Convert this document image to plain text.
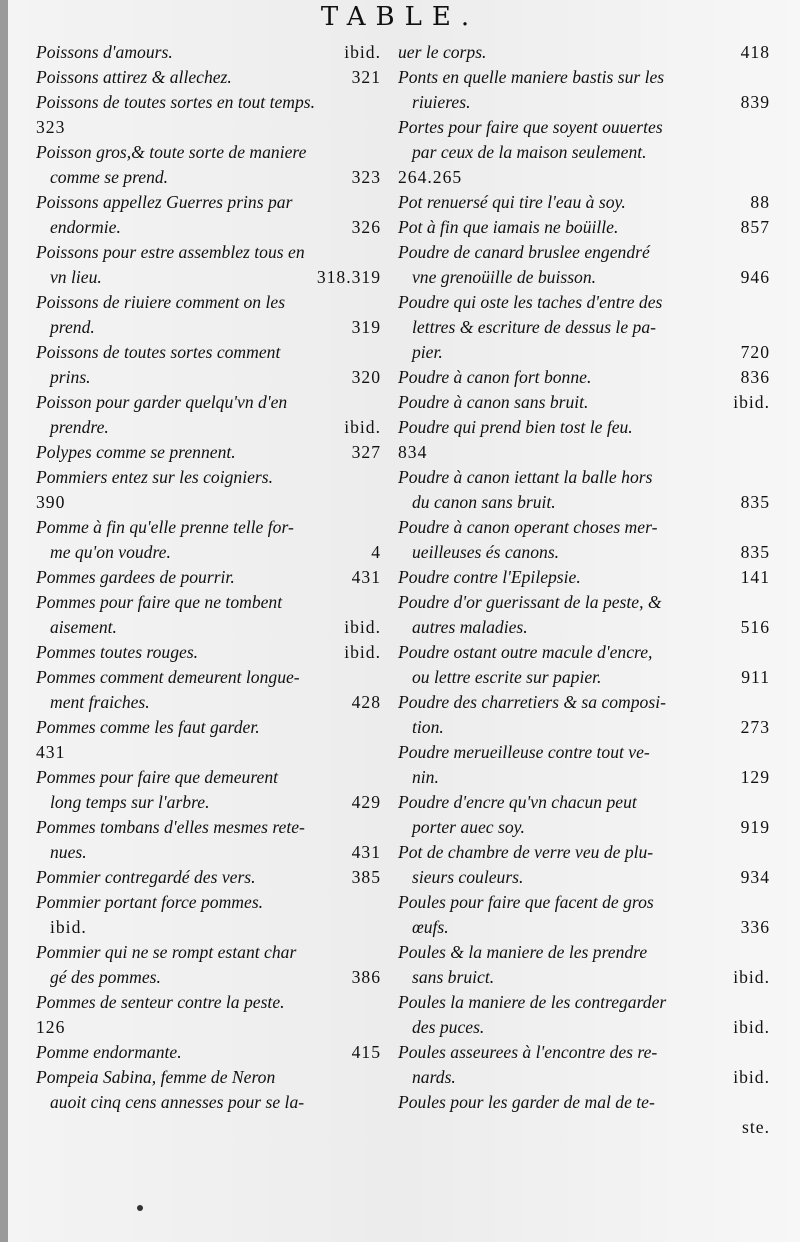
TABLE.
Poissons d'amours.	ibid.
Poissons attirez & allechez.	321
Poissons de toutes sortes en tout temps.
323
Poisson gros,& toute sorte de maniere
comme se prend.	323
Poissons appellez Guerres prins par
endormie.	326
Poissons pour estre assemblez tous en
vn lieu.	318.319
Poissons de riuiere comment on les
prend.	319
Poissons de toutes sortes comment
prins.	320
Poisson pour garder quelqu'vn d'en
prendre.	ibid.
Polypes comme se prennent.	327
Pommiers entez sur les coigniers.
390
Pomme à fin qu'elle prenne telle for-
me qu'on voudre.	4
Pommes gardees de pourrir.	431
Pommes pour faire que ne tombent
aisement.	ibid.
Pommes toutes rouges.	ibid.
Pommes comment demeurent longue-
ment fraiches.	428
Pommes comme les faut garder.
431
Pommes pour faire que demeurent
long temps sur l'arbre.	429
Pommes tombans d'elles mesmes rete-
nues.	431
Pommier contregardé des vers.	385
Pommier portant force pommes.
ibid.
Pommier qui ne se rompt estant char
gé des pommes.	386
Pommes de senteur contre la peste.
126
Pomme endormante.	415
Pompeia Sabina, femme de Neron
auoit cinq cens annesses pour se la-
uer le corps.	418
Ponts en quelle maniere bastis sur les
riuieres.	839
Portes pour faire que soyent ouuertes
par ceux de la maison seulement.
264.265
Pot renuersé qui tire l'eau à soy.	88
Pot à fin que iamais ne boüille.	857
Poudre de canard bruslee engendré
vne grenoüille de buisson.	946
Poudre qui oste les taches d'entre des
lettres & escriture de dessus le pa-
pier.	720
Poudre à canon fort bonne.	836
Poudre à canon sans bruit.	ibid.
Poudre qui prend bien tost le feu.
834
Poudre à canon iettant la balle hors
du canon sans bruit.	835
Poudre à canon operant choses mer-
ueilleuses és canons.	835
Poudre contre l'Epilepsie.	141
Poudre d'or guerissant de la peste, &
autres maladies.	516
Poudre ostant outre macule d'encre,
ou lettre escrite sur papier.	911
Poudre des charretiers & sa composi-
tion.	273
Poudre merueilleuse contre tout ve-
nin.	129
Poudre d'encre qu'vn chacun peut
porter auec soy.	919
Pot de chambre de verre veu de plu-
sieurs couleurs.	934
Poules pour faire que facent de gros
œufs.	336
Poules & la maniere de les prendre
sans bruict.	ibid.
Poules la maniere de les contregarder
des puces.	ibid.
Poules asseurees à l'encontre des re-
nards.	ibid.
Poules pour les garder de mal de te-
ste.
